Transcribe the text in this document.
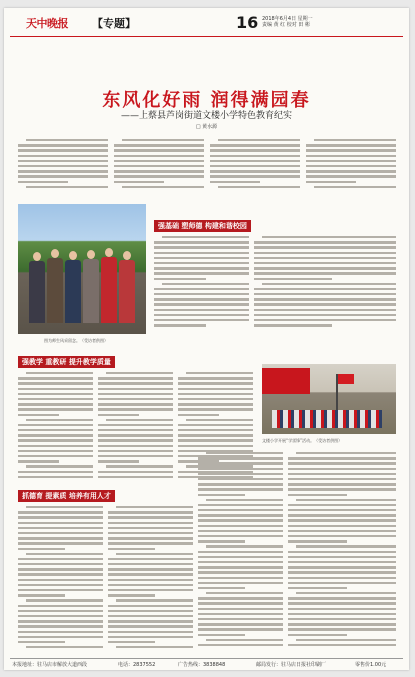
天中晚报 【专题】	16 2018年6月4日 星期一
责编 黄 红 校对 田 彬
东风化好雨 润得满园春
——上蔡县芦岗街道文楼小学特色教育纪实
□ 黄水源
图为师生风采留念。（受访者供图）
强基础 塑师德 构建和谐校园
强教学 重教研 提升教学质量
文楼小学开展“学雷锋”活动。（受访者供图）
抓德育 提素质 培养有用人才
本报地址：驻马店市解放大道西段	电话：2837552	广告热线：3838848	邮局发行：驻马店日报社印刷厂	零售价1.00元
